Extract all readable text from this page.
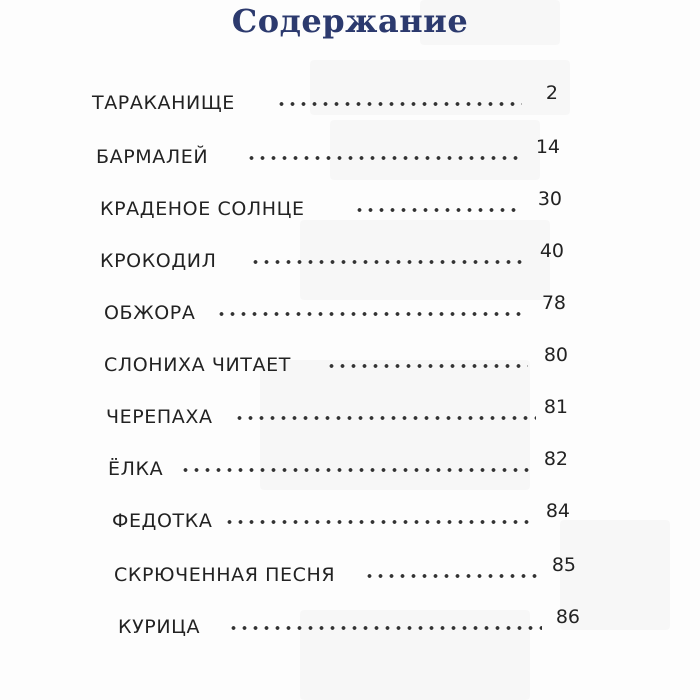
Содержание
ТАРАКАНИЩЕ	2
БАРМАЛЕЙ	14
КРАДЕНОЕ СОЛНЦЕ	30
КРОКОДИЛ	40
ОБЖОРА	78
СЛОНИХА ЧИТАЕТ	80
ЧЕРЕПАХА	81
ЁЛКА	82
ФЕДОТКА	84
СКРЮЧЕННАЯ ПЕСНЯ	85
КУРИЦА	86
